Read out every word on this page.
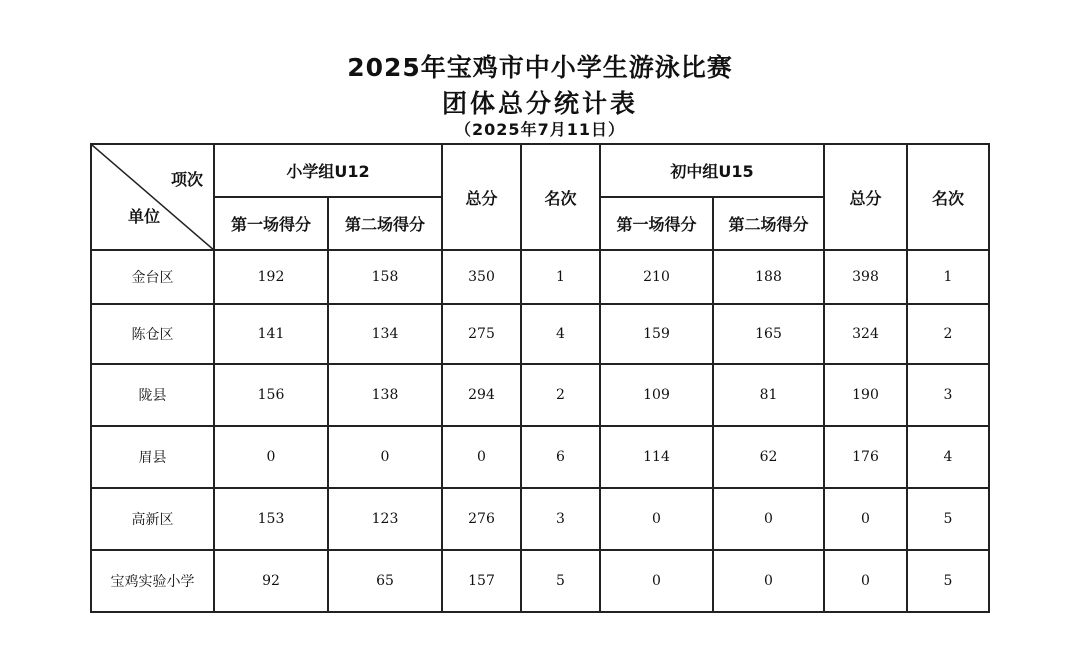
2025年宝鸡市中小学生游泳比赛
团体总分统计表
（2025年7月11日）
项次
单位	小学组U12		总分	名次	初中组U15		总分	名次
	第一场得分	第二场得分			第一场得分	第二场得分		
金台区	192	158	350	1	210	188	398	1
陈仓区	141	134	275	4	159	165	324	2
陇县	156	138	294	2	109	81	190	3
眉县	0	0	0	6	114	62	176	4
高新区	153	123	276	3	0	0	0	5
宝鸡实验小学	92	65	157	5	0	0	0	5
